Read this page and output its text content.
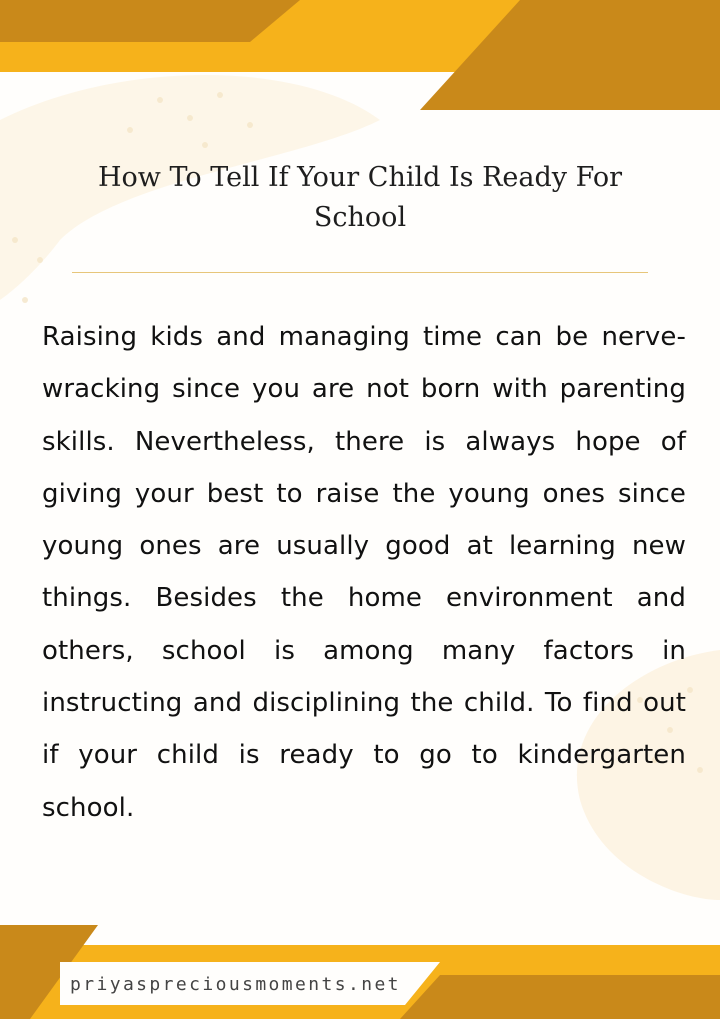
How To Tell If Your Child Is Ready For School

Raising kids and managing time can be nerve-wracking since you are not born with parenting skills. Nevertheless, there is always hope of giving your best to raise the young ones since young ones are usually good at learning new things. Besides the home environment and others, school is among many factors in instructing and disciplining the child. To find out if your child is ready to go to kindergarten school.

priyaspreciousmoments.net
